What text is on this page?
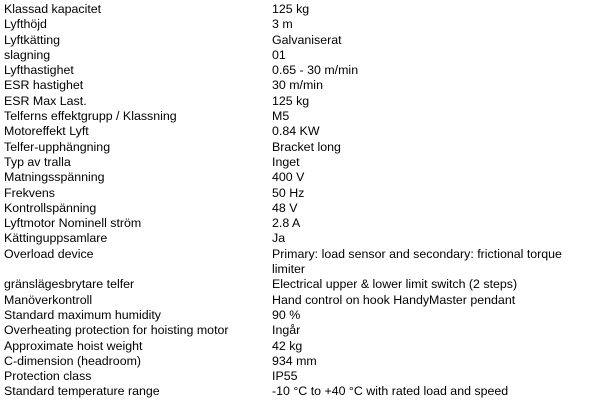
Klassad kapacitet	125 kg
Lyfthöjd	3 m
Lyftkätting	Galvaniserat
slagning	01
Lyfthastighet	0.65 - 30 m/min
ESR hastighet	30 m/min
ESR Max Last.	125 kg
Telferns effektgrupp / Klassning	M5
Motoreffekt Lyft	0.84 KW
Telfer-upphängning	Bracket long
Typ av tralla	Inget
Matningsspänning	400 V
Frekvens	50 Hz
Kontrollspänning	48 V
Lyftmotor Nominell ström	2.8 A
Kättinguppsamlare	Ja
Overload device	Primary: load sensor and secondary: frictional torque limiter
gränslägesbrytare telfer	Electrical upper & lower limit switch (2 steps)
Manöverkontroll	Hand control on hook HandyMaster pendant
Standard maximum humidity	90 %
Overheating protection for hoisting motor	Ingår
Approximate hoist weight	42 kg
C-dimension (headroom)	934 mm
Protection class	IP55
Standard temperature range	-10 °C to +40 °C with rated load and speed
